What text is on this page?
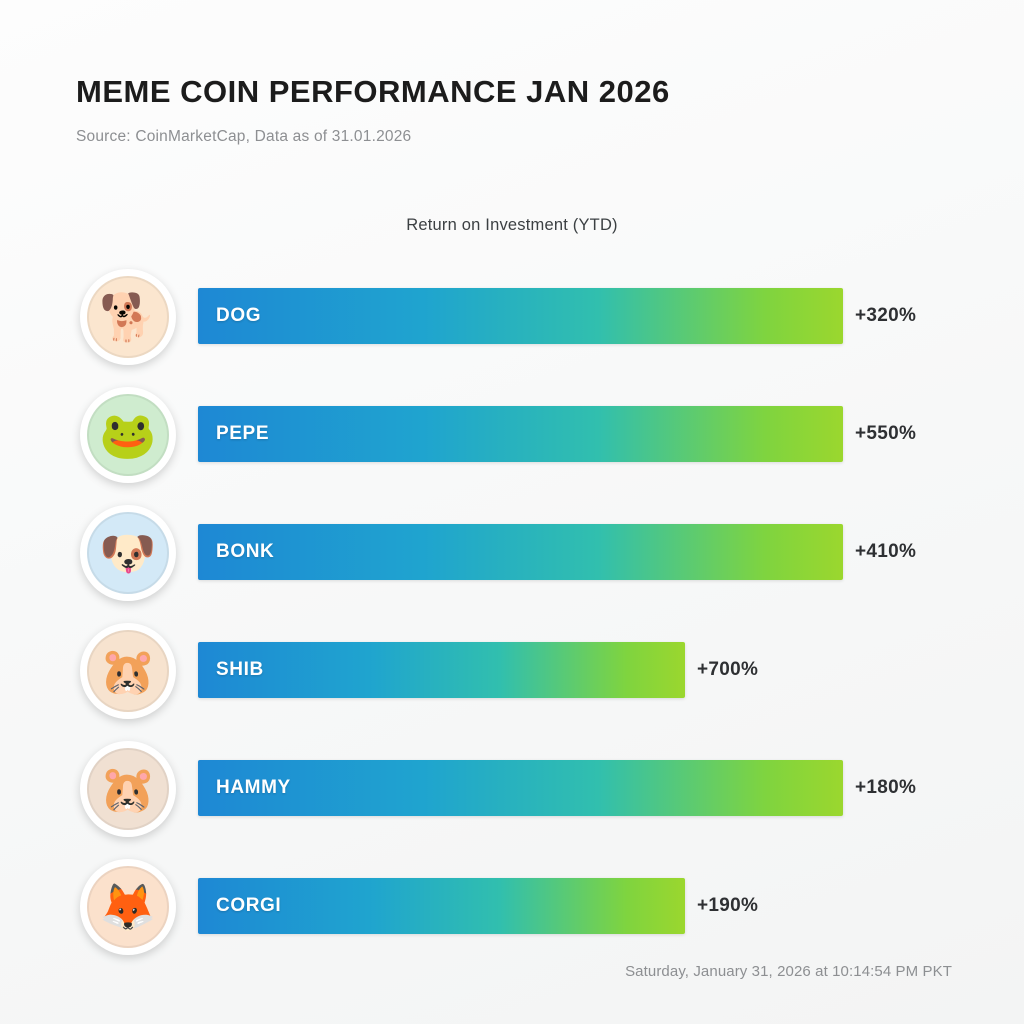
MEME COIN PERFORMANCE JAN 2026

Source: CoinMarketCap, Data as of 31.01.2026

Return on Investment (YTD)
🐕	DOG	+320%
🐸	PEPE	+550%
🐶	BONK	+410%
🐹	SHIB	+700%
🐹	HAMMY	+180%
🦊	CORGI	+190%
Saturday, January 31, 2026 at 10:14:54 PM PKT
